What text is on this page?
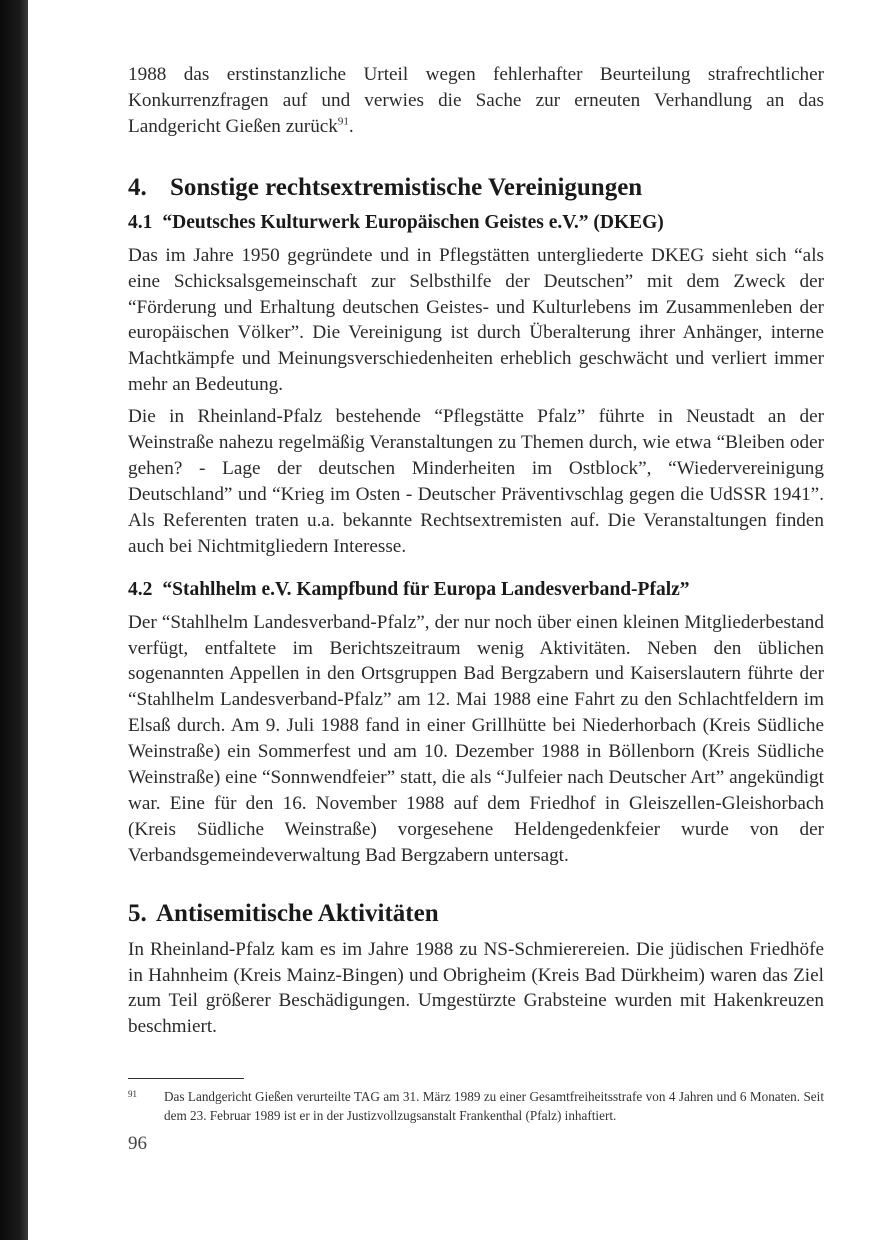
1988 das erstinstanzliche Urteil wegen fehlerhafter Beurteilung strafrechtlicher Konkurrenzfragen auf und verwies die Sache zur erneuten Verhandlung an das Landgericht Gießen zurück$^{91}$.

4. Sonstige rechtsextremistische Vereinigungen
4.1 “Deutsches Kulturwerk Europäischen Geistes e.V.” (DKEG)

Das im Jahre 1950 gegründete und in Pflegstätten untergliederte DKEG sieht sich “als eine Schicksalsgemeinschaft zur Selbsthilfe der Deutschen” mit dem Zweck der “Förderung und Erhaltung deutschen Geistes- und Kulturlebens im Zusammenleben der europäischen Völker”. Die Vereinigung ist durch Überalterung ihrer Anhänger, interne Machtkämpfe und Meinungsverschiedenheiten erheblich geschwächt und verliert immer mehr an Bedeutung.

Die in Rheinland-Pfalz bestehende “Pflegstätte Pfalz” führte in Neustadt an der Weinstraße nahezu regelmäßig Veranstaltungen zu Themen durch, wie etwa “Bleiben oder gehen? - Lage der deutschen Minderheiten im Ostblock”, “Wiedervereinigung Deutschland” und “Krieg im Osten - Deutscher Präventivschlag gegen die UdSSR 1941”. Als Referenten traten u.a. bekannte Rechtsextremisten auf. Die Veranstaltungen finden auch bei Nichtmitgliedern Interesse.

4.2 “Stahlhelm e.V. Kampfbund für Europa Landesverband-Pfalz”

Der “Stahlhelm Landesverband-Pfalz”, der nur noch über einen kleinen Mitgliederbestand verfügt, entfaltete im Berichtszeitraum wenig Aktivitäten. Neben den üblichen sogenannten Appellen in den Ortsgruppen Bad Bergzabern und Kaiserslautern führte der “Stahlhelm Landesverband-Pfalz” am 12. Mai 1988 eine Fahrt zu den Schlachtfeldern im Elsaß durch. Am 9. Juli 1988 fand in einer Grillhütte bei Niederhorbach (Kreis Südliche Weinstraße) ein Sommerfest und am 10. Dezember 1988 in Böllenborn (Kreis Südliche Weinstraße) eine “Sonnwendfeier” statt, die als “Julfeier nach Deutscher Art” angekündigt war. Eine für den 16. November 1988 auf dem Friedhof in Gleiszellen-Gleishorbach (Kreis Südliche Weinstraße) vorgesehene Heldengedenkfeier wurde von der Verbandsgemeindeverwaltung Bad Bergzabern untersagt.

5. Antisemitische Aktivitäten

In Rheinland-Pfalz kam es im Jahre 1988 zu NS-Schmierereien. Die jüdischen Friedhöfe in Hahnheim (Kreis Mainz-Bingen) und Obrigheim (Kreis Bad Dürkheim) waren das Ziel zum Teil größerer Beschädigungen. Umgestürzte Grabsteine wurden mit Hakenkreuzen beschmiert.

91	Das Landgericht Gießen verurteilte TAG am 31. März 1989 zu einer Gesamtfreiheitsstrafe von 4 Jahren und 6 Monaten. Seit dem 23. Februar 1989 ist er in der Justizvollzugsanstalt Frankenthal (Pfalz) inhaftiert.
96
